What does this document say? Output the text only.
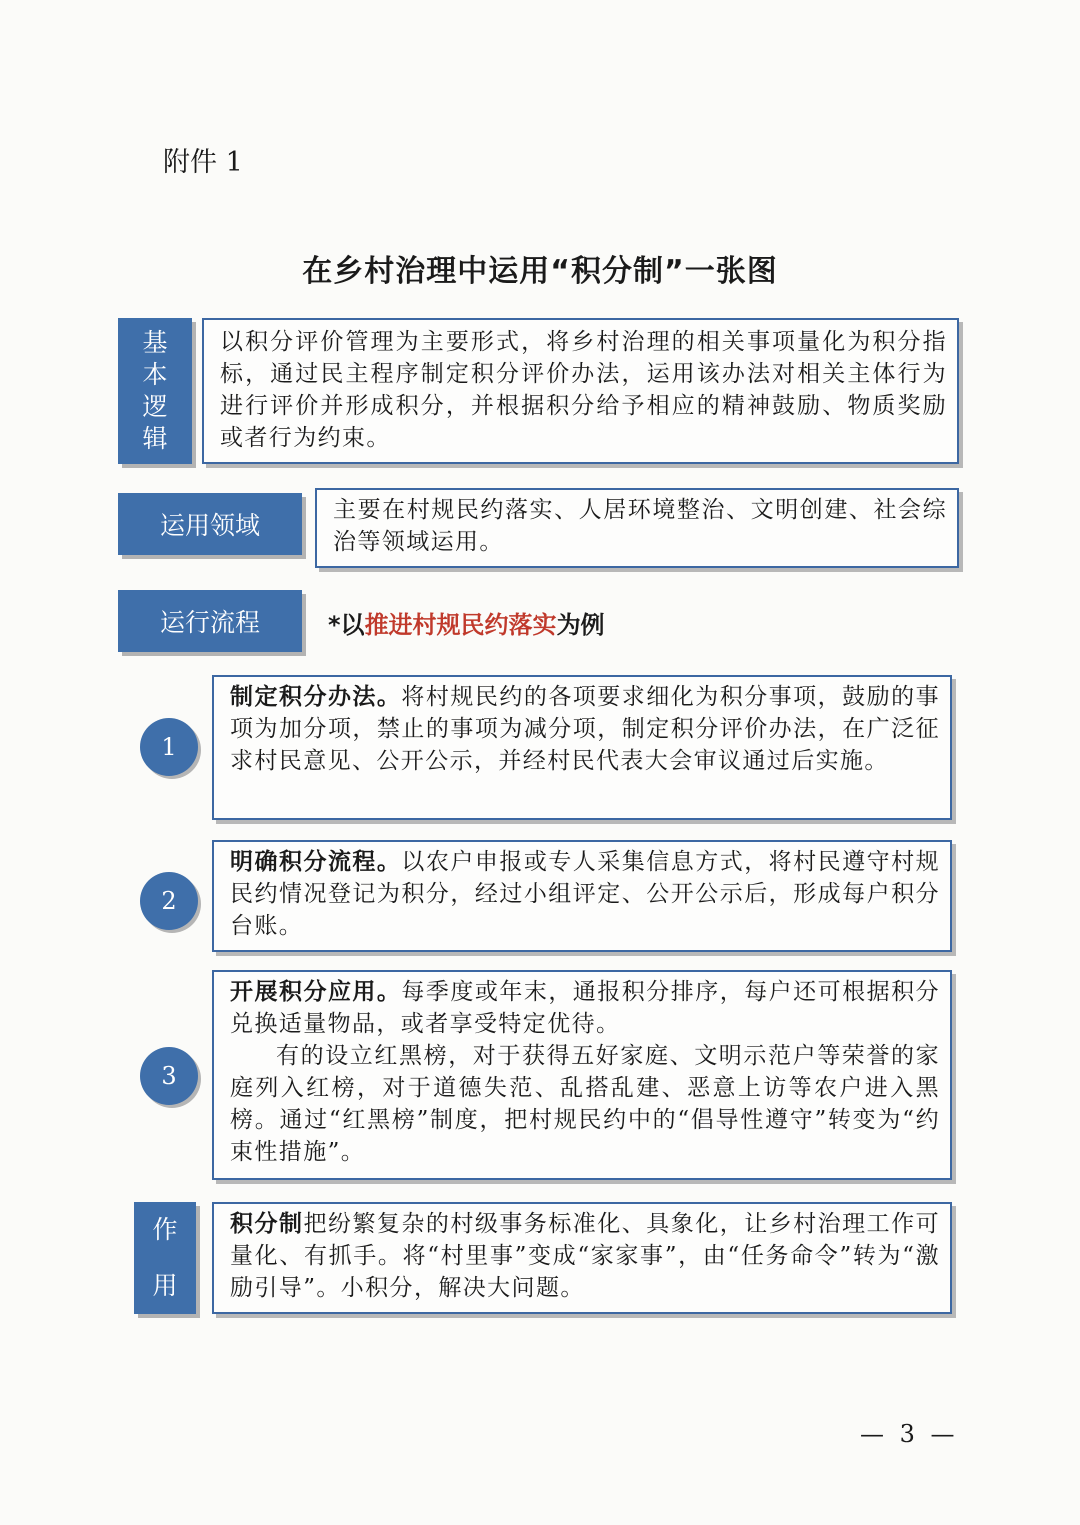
附件 1
在乡村治理中运用“积分制”一张图
基
本
逻
辑

以积分评价管理为主要形式，将乡村治理的相关事项量化为积分指标，通过民主程序制定积分评价办法，运用该办法对相关主体行为进行评价并形成积分，并根据积分给予相应的精神鼓励、物质奖励或者行为约束。

运用领域

主要在村规民约落实、人居环境整治、文明创建、社会综治等领域运用。

运行流程	*以推进村规民约落实为例
1

制定积分办法。将村规民约的各项要求细化为积分事项，鼓励的事项为加分项，禁止的事项为减分项，制定积分评价办法，在广泛征求村民意见、公开公示，并经村民代表大会审议通过后实施。

2

明确积分流程。以农户申报或专人采集信息方式，将村民遵守村规民约情况登记为积分，经过小组评定、公开公示后，形成每户积分台账。

3

开展积分应用。每季度或年末，通报积分排序，每户还可根据积分兑换适量物品，或者享受特定优待。

有的设立红黑榜，对于获得五好家庭、文明示范户等荣誉的家庭列入红榜，对于道德失范、乱搭乱建、恶意上访等农户进入黑榜。通过“红黑榜”制度，把村规民约中的“倡导性遵守”转变为“约束性措施”。

作
用

积分制把纷繁复杂的村级事务标准化、具象化，让乡村治理工作可量化、有抓手。将“村里事”变成“家家事”，由“任务命令”转为“激励引导”。小积分，解决大问题。

— 3 —
